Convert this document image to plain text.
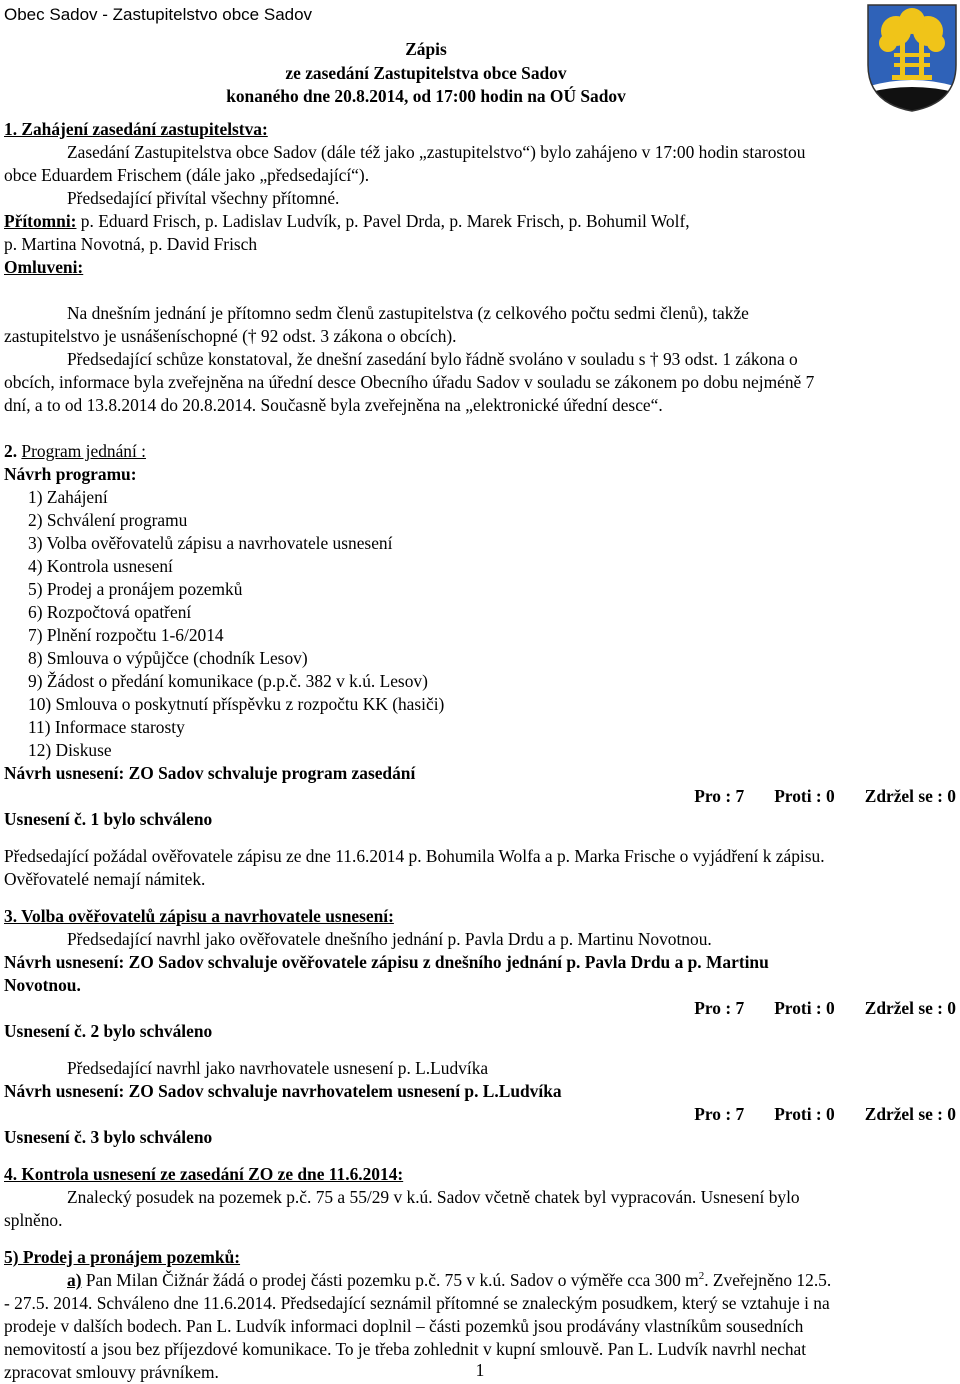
Obec Sadov - Zastupitelstvo obce Sadov
Zápis
ze zasedání Zastupitelstva obce Sadov
konaného dne 20.8.2014, od 17:00 hodin na OÚ Sadov

1. Zahájení zasedání zastupitelstva:

Zasedání Zastupitelstva obce Sadov (dále též jako „zastupitelstvo“) bylo zahájeno v 17:00 hodin starostou

obce Eduardem Frischem (dále jako „předsedající“).

Předsedající přivítal všechny přítomné.

Přítomni: p. Eduard Frisch, p. Ladislav Ludvík, p. Pavel Drda, p. Marek Frisch, p. Bohumil Wolf,

p. Martina Novotná, p. David Frisch

Omluveni:

Na dnešním jednání je přítomno sedm členů zastupitelstva (z celkového počtu sedmi členů), takže

zastupitelstvo je usnášeníschopné († 92 odst. 3 zákona o obcích).

Předsedající schůze konstatoval, že dnešní zasedání bylo řádně svoláno v souladu s † 93 odst. 1 zákona o

obcích, informace byla zveřejněna na úřední desce Obecního úřadu Sadov v souladu se zákonem po dobu nejméně 7

dní, a to od 13.8.2014 do 20.8.2014. Současně byla zveřejněna na „elektronické úřední desce“.

2. Program jednání :

Návrh programu:

1) Zahájení

2) Schválení programu

3) Volba ověřovatelů zápisu a navrhovatele usnesení

4) Kontrola usnesení

5) Prodej a pronájem pozemků

6) Rozpočtová opatření

7) Plnění rozpočtu 1-6/2014

8) Smlouva o výpůjčce (chodník Lesov)

9) Žádost o předání komunikace (p.p.č. 382 v k.ú. Lesov)

10) Smlouva o poskytnutí příspěvku z rozpočtu KK (hasiči)

11) Informace starosty

12) Diskuse

Návrh usnesení: ZO Sadov schvaluje program zasedání

Pro : 7 Proti : 0 Zdržel se : 0

Usnesení č. 1 bylo schváleno

Předsedající požádal ověřovatele zápisu ze dne 11.6.2014 p. Bohumila Wolfa a p. Marka Frische o vyjádření k zápisu.

Ověřovatelé nemají námitek.

3. Volba ověřovatelů zápisu a navrhovatele usnesení:

Předsedající navrhl jako ověřovatele dnešního jednání p. Pavla Drdu a p. Martinu Novotnou.

Návrh usnesení: ZO Sadov schvaluje ověřovatele zápisu z dnešního jednání p. Pavla Drdu a p. Martinu

Novotnou.

Pro : 7 Proti : 0 Zdržel se : 0

Usnesení č. 2 bylo schváleno

Předsedající navrhl jako navrhovatele usnesení p. L.Ludvíka

Návrh usnesení: ZO Sadov schvaluje navrhovatelem usnesení p. L.Ludvíka

Pro : 7 Proti : 0 Zdržel se : 0

Usnesení č. 3 bylo schváleno

4. Kontrola usnesení ze zasedání ZO ze dne 11.6.2014:

Znalecký posudek na pozemek p.č. 75 a 55/29 v k.ú. Sadov včetně chatek byl vypracován. Usnesení bylo

splněno.

5) Prodej a pronájem pozemků:

a) Pan Milan Čižnár žádá o prodej části pozemku p.č. 75 v k.ú. Sadov o výměře cca 300 $m^2$. Zveřejněno 12.5.

- 27.5. 2014. Schváleno dne 11.6.2014. Předsedající seznámil přítomné se znaleckým posudkem, který se vztahuje i na

prodeje v dalších bodech. Pan L. Ludvík informaci doplnil – části pozemků jsou prodávány vlastníkům sousedních

nemovitostí a jsou bez příjezdové komunikace. To je třeba zohlednit v kupní smlouvě. Pan L. Ludvík navrhl nechat

zpracovat smlouvy právníkem.	1
